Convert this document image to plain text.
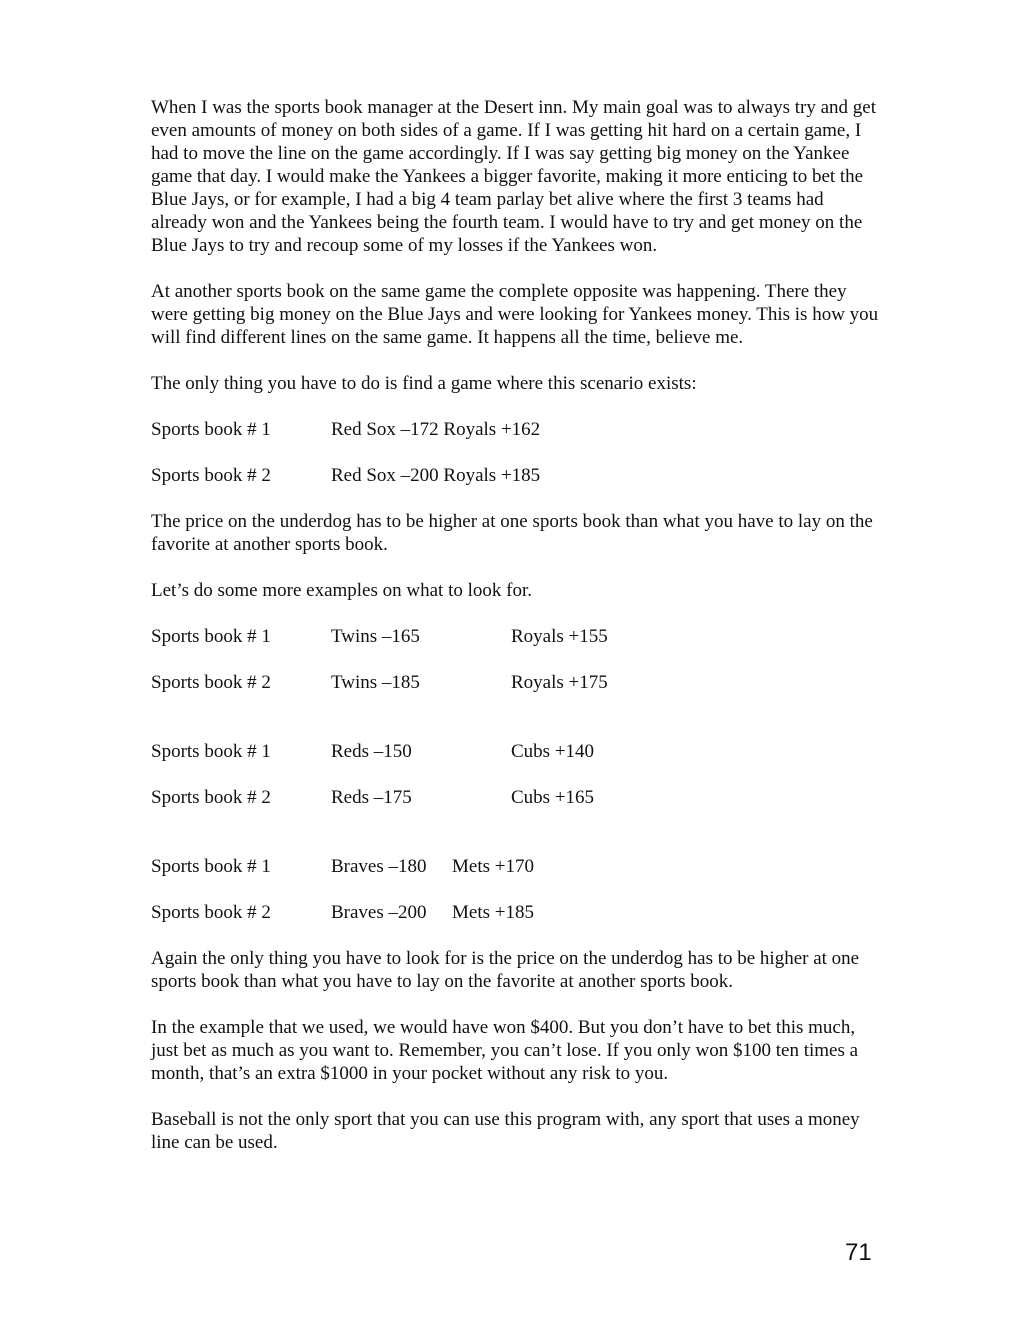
When I was the sports book manager at the Desert inn. My main goal was to always try and get even amounts of money on both sides of a game. If I was getting hit hard on a certain game, I had to move the line on the game accordingly. If I was say getting big money on the Yankee game that day. I would make the Yankees a bigger favorite, making it more enticing to bet the Blue Jays, or for example, I had a big 4 team parlay bet alive where the first 3 teams had already won and the Yankees being the fourth team. I would have to try and get money on the Blue Jays to try and recoup some of my losses if the Yankees won.

At another sports book on the same game the complete opposite was happening. There they were getting big money on the Blue Jays and were looking for Yankees money. This is how you will find different lines on the same game. It happens all the time, believe me.

The only thing you have to do is find a game where this scenario exists:

Sports book # 1	Red Sox –172 Royals +162
Sports book # 2	Red Sox –200 Royals +185

The price on the underdog has to be higher at one sports book than what you have to lay on the favorite at another sports book.

Let’s do some more examples on what to look for.

Sports book # 1	Twins –165	Royals +155
Sports book # 2	Twins –185	Royals +175
Sports book # 1	Reds –150	Cubs +140
Sports book # 2	Reds –175	Cubs +165
Sports book # 1	Braves –180	Mets +170
Sports book # 2	Braves –200	Mets +185

Again the only thing you have to look for is the price on the underdog has to be higher at one sports book than what you have to lay on the favorite at another sports book.

In the example that we used, we would have won $400. But you don’t have to bet this much, just bet as much as you want to. Remember, you can’t lose. If you only won $100 ten times a month, that’s an extra $1000 in your pocket without any risk to you.

Baseball is not the only sport that you can use this program with, any sport that uses a money line can be used.

71
